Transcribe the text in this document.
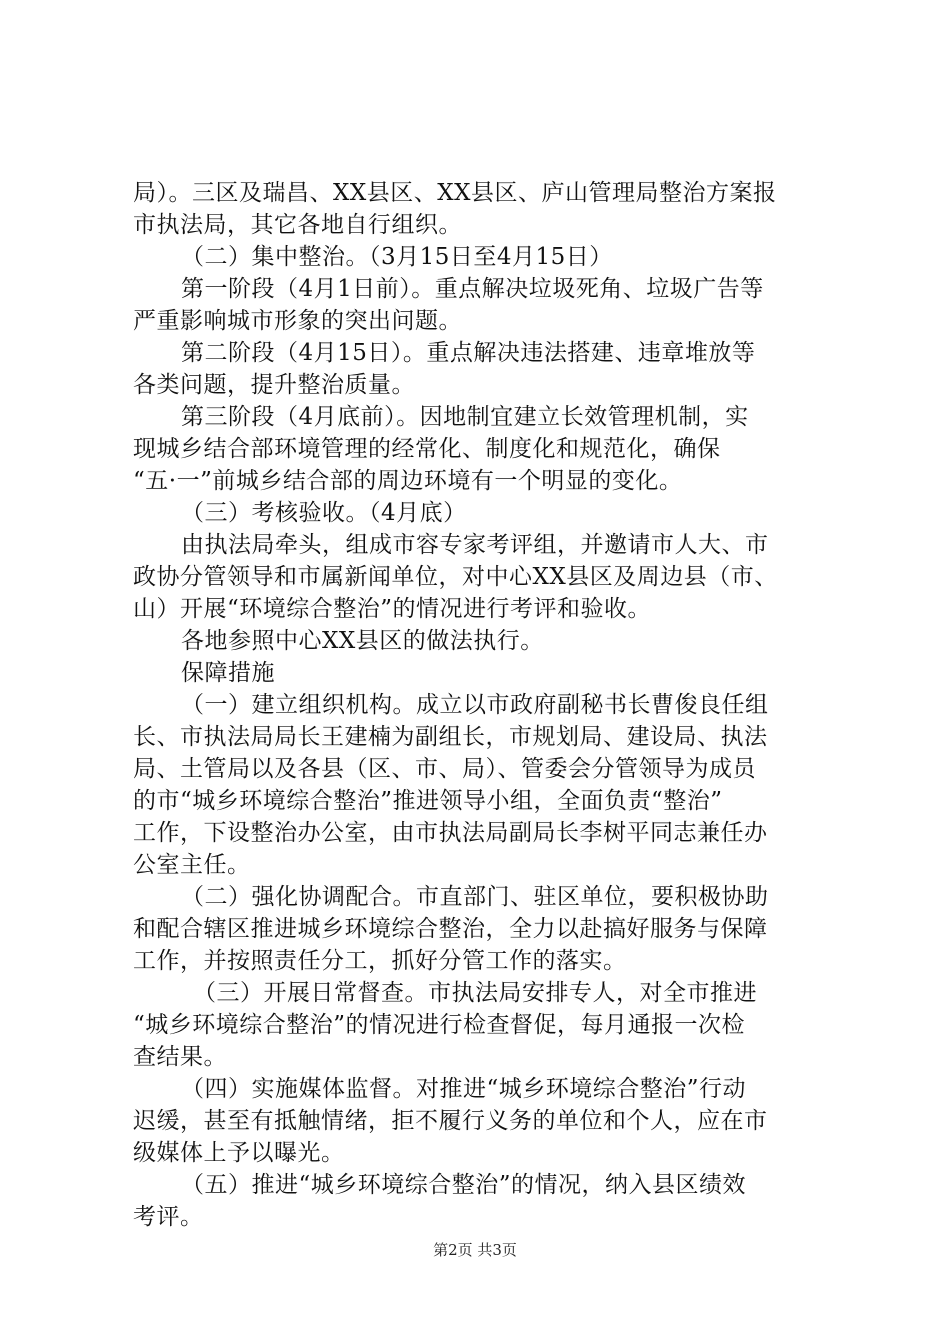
局）。三区及瑞昌、XX县区、XX县区、庐山管理局整治方案报
市执法局，其它各地自行组织。
（二）集中整治。（3月15日至4月15日）
第一阶段（4月1日前）。重点解决垃圾死角、垃圾广告等
严重影响城市形象的突出问题。
第二阶段（4月15日）。重点解决违法搭建、违章堆放等
各类问题，提升整治质量。
第三阶段（4月底前）。因地制宜建立长效管理机制，实
现城乡结合部环境管理的经常化、制度化和规范化，确保
“五·一”前城乡结合部的周边环境有一个明显的变化。
（三）考核验收。（4月底）
由执法局牵头，组成市容专家考评组，并邀请市人大、市
政协分管领导和市属新闻单位，对中心XX县区及周边县（市、
山）开展“环境综合整治”的情况进行考评和验收。
各地参照中心XX县区的做法执行。
保障措施
（一）建立组织机构。成立以市政府副秘书长曹俊良任组
长、市执法局局长王建楠为副组长，市规划局、建设局、执法
局、土管局以及各县（区、市、局）、管委会分管领导为成员
的市“城乡环境综合整治”推进领导小组，全面负责“整治”
工作，下设整治办公室，由市执法局副局长李树平同志兼任办
公室主任。
（二）强化协调配合。市直部门、驻区单位，要积极协助
和配合辖区推进城乡环境综合整治，全力以赴搞好服务与保障
工作，并按照责任分工，抓好分管工作的落实。
（三）开展日常督查。市执法局安排专人，对全市推进
“城乡环境综合整治”的情况进行检查督促，每月通报一次检
查结果。
（四）实施媒体监督。对推进“城乡环境综合整治”行动
迟缓，甚至有抵触情绪，拒不履行义务的单位和个人，应在市
级媒体上予以曝光。
（五）推进“城乡环境综合整治”的情况，纳入县区绩效
考评。
第2页 共3页
